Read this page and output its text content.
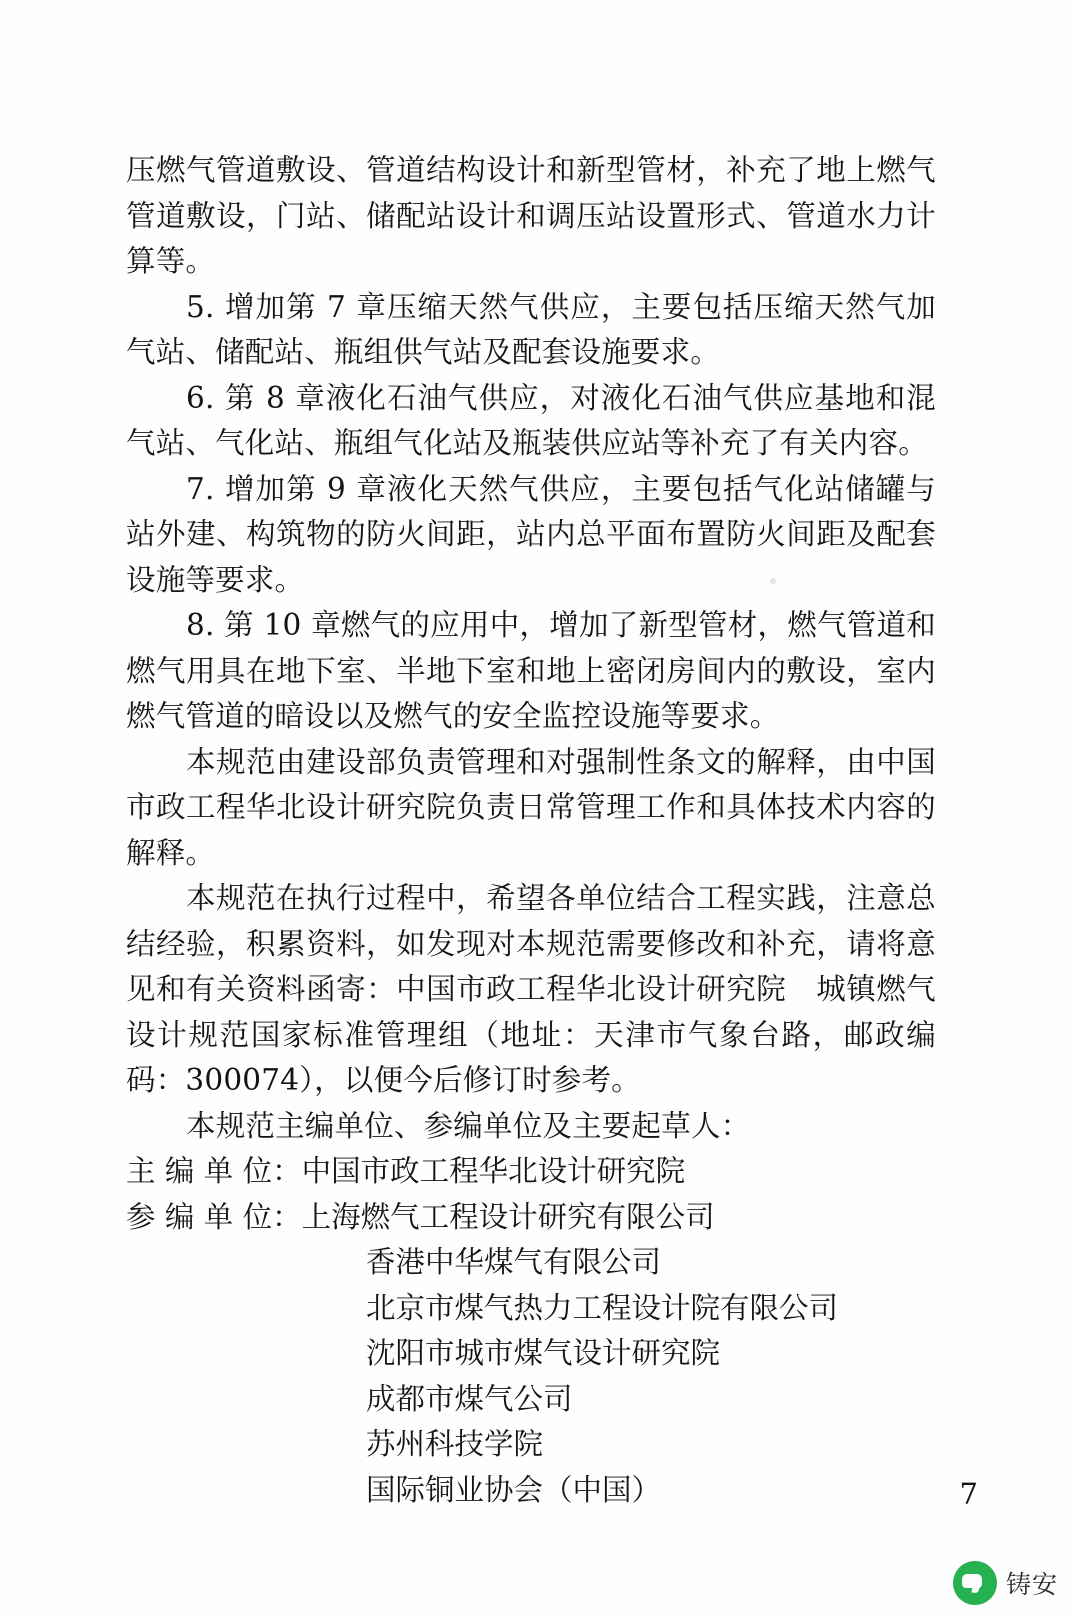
压燃气管道敷设、管道结构设计和新型管材，补充了地上燃气管道敷设，门站、储配站设计和调压站设置形式、管道水力计算等。

5. 增加第 7 章压缩天然气供应，主要包括压缩天然气加气站、储配站、瓶组供气站及配套设施要求。

6. 第 8 章液化石油气供应，对液化石油气供应基地和混气站、气化站、瓶组气化站及瓶装供应站等补充了有关内容。

7. 增加第 9 章液化天然气供应，主要包括气化站储罐与站外建、构筑物的防火间距，站内总平面布置防火间距及配套设施等要求。

8. 第 10 章燃气的应用中，增加了新型管材，燃气管道和燃气用具在地下室、半地下室和地上密闭房间内的敷设，室内燃气管道的暗设以及燃气的安全监控设施等要求。

本规范由建设部负责管理和对强制性条文的解释，由中国市政工程华北设计研究院负责日常管理工作和具体技术内容的解释。

本规范在执行过程中，希望各单位结合工程实践，注意总结经验，积累资料，如发现对本规范需要修改和补充，请将意见和有关资料函寄：中国市政工程华北设计研究院　城镇燃气设计规范国家标准管理组（地址：天津市气象台路，邮政编码：300074），以便今后修订时参考。

本规范主编单位、参编单位及主要起草人：

主 编 单 位：中国市政工程华北设计研究院

参 编 单 位：上海燃气工程设计研究有限公司

香港中华煤气有限公司

北京市煤气热力工程设计院有限公司

沈阳市城市煤气设计研究院

成都市煤气公司

苏州科技学院

国际铜业协会（中国）	7
铸安
